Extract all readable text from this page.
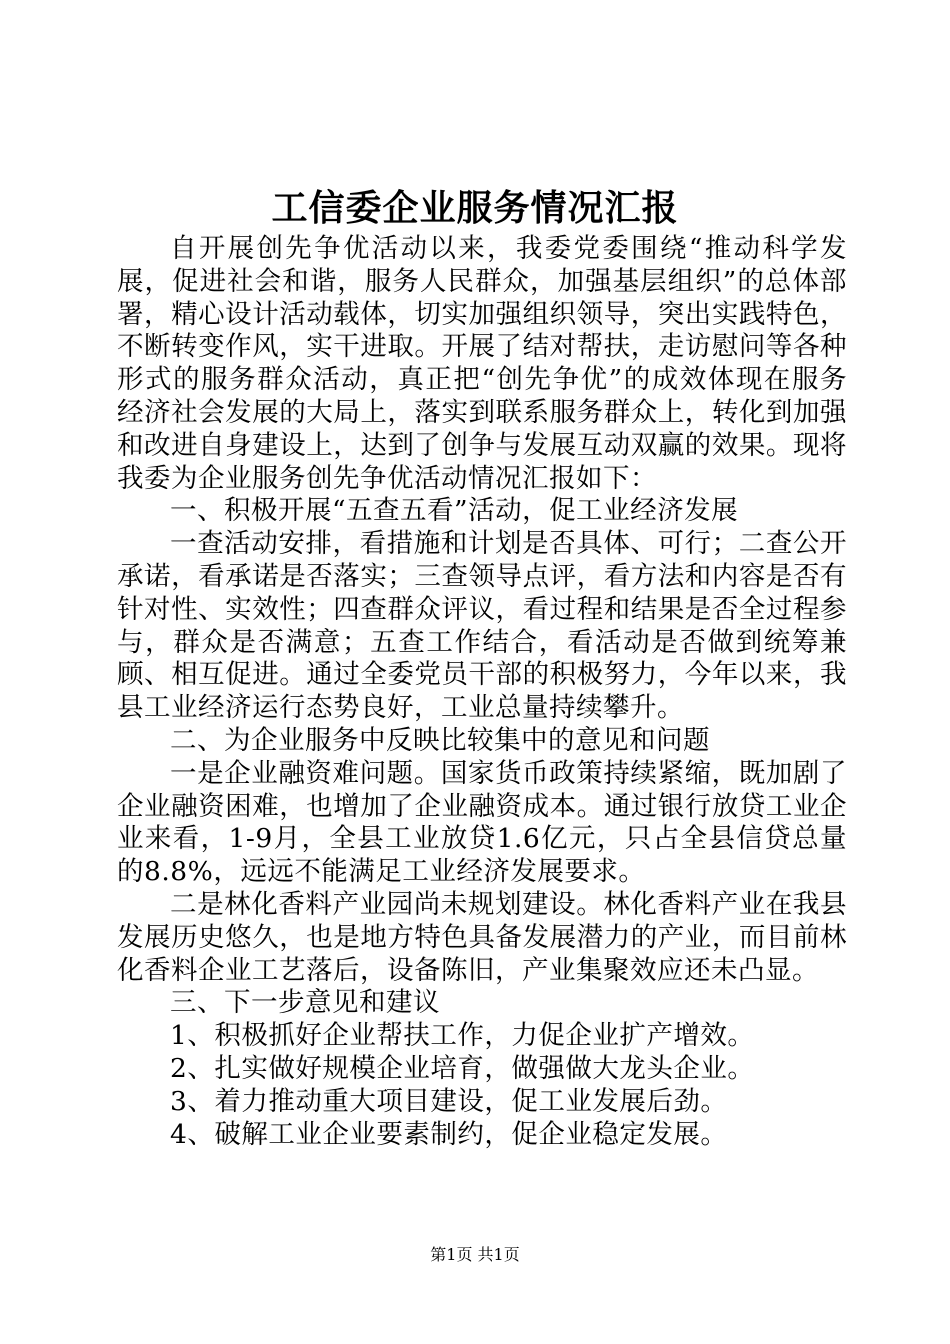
工信委企业服务情况汇报

自开展创先争优活动以来，我委党委围绕“推动科学发展，促进社会和谐，服务人民群众，加强基层组织”的总体部署，精心设计活动载体，切实加强组织领导，突出实践特色，不断转变作风，实干进取。开展了结对帮扶，走访慰问等各种形式的服务群众活动，真正把“创先争优”的成效体现在服务经济社会发展的大局上，落实到联系服务群众上，转化到加强和改进自身建设上，达到了创争与发展互动双赢的效果。现将我委为企业服务创先争优活动情况汇报如下：

一、积极开展“五查五看”活动，促工业经济发展

一查活动安排，看措施和计划是否具体、可行；二查公开承诺，看承诺是否落实；三查领导点评，看方法和内容是否有针对性、实效性；四查群众评议，看过程和结果是否全过程参与，群众是否满意；五查工作结合，看活动是否做到统筹兼顾、相互促进。通过全委党员干部的积极努力，今年以来，我县工业经济运行态势良好，工业总量持续攀升。

二、为企业服务中反映比较集中的意见和问题

一是企业融资难问题。国家货币政策持续紧缩，既加剧了企业融资困难，也增加了企业融资成本。通过银行放贷工业企业来看，1-9月，全县工业放贷1.6亿元，只占全县信贷总量的8.8%，远远不能满足工业经济发展要求。

二是林化香料产业园尚未规划建设。林化香料产业在我县发展历史悠久，也是地方特色具备发展潜力的产业，而目前林化香料企业工艺落后，设备陈旧，产业集聚效应还未凸显。

三、下一步意见和建议

1、积极抓好企业帮扶工作，力促企业扩产增效。

2、扎实做好规模企业培育，做强做大龙头企业。

3、着力推动重大项目建设，促工业发展后劲。

4、破解工业企业要素制约，促企业稳定发展。

第1页 共1页
